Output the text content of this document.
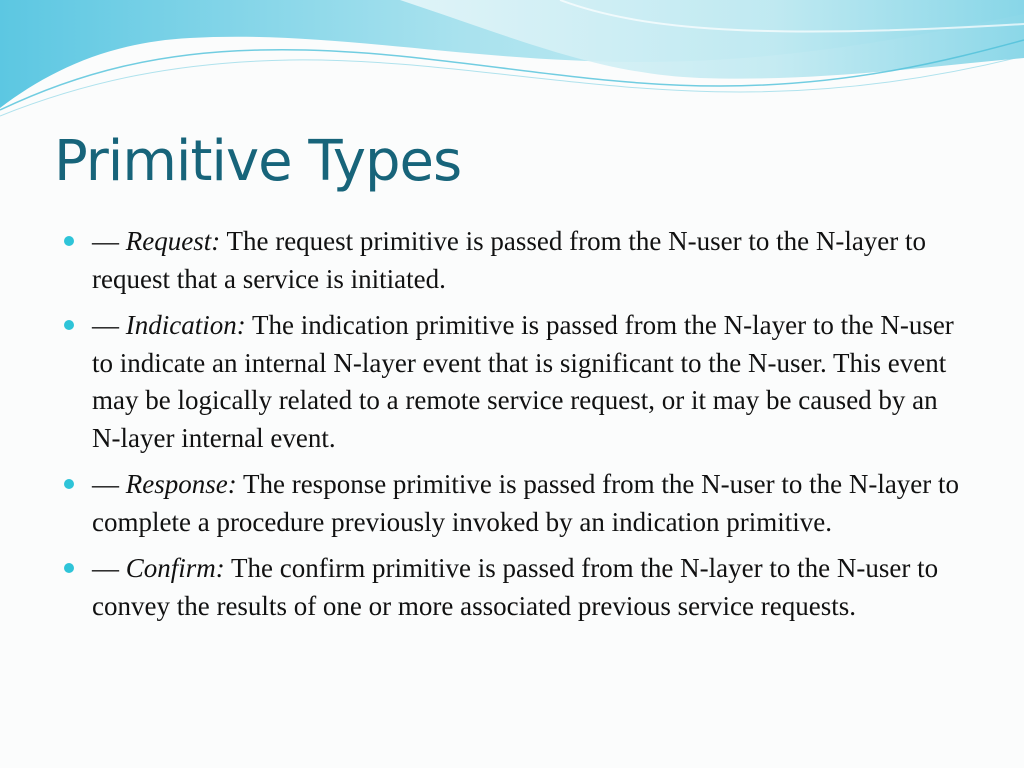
Primitive Types
— Request: The request primitive is passed from the N-user to the N-layer to request that a service is initiated.
— Indication: The indication primitive is passed from the N-layer to the N-user to indicate an internal N-layer event that is significant to the N-user. This event may be logically related to a remote service request, or it may be caused by an N-layer internal event.
— Response: The response primitive is passed from the N-user to the N-layer to complete a procedure previously invoked by an indication primitive.
— Confirm: The confirm primitive is passed from the N-layer to the N-user to convey the results of one or more associated previous service requests.
